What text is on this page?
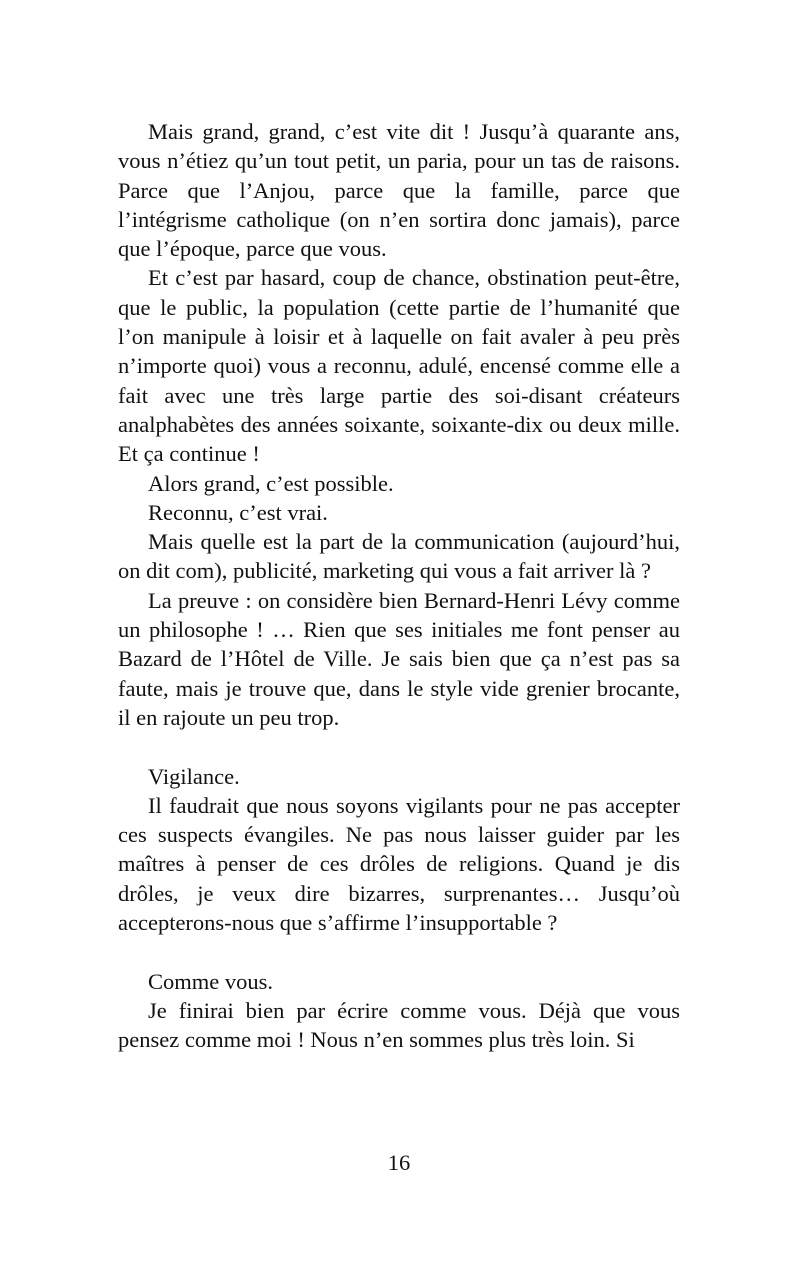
Mais grand, grand, c’est vite dit ! Jusqu’à quarante ans, vous n’étiez qu’un tout petit, un paria, pour un tas de raisons. Parce que l’Anjou, parce que la famille, parce que l’intégrisme catholique (on n’en sortira donc jamais), parce que l’époque, parce que vous.

Et c’est par hasard, coup de chance, obstination peut-être, que le public, la population (cette partie de l’humanité que l’on manipule à loisir et à laquelle on fait avaler à peu près n’importe quoi) vous a reconnu, adulé, encensé comme elle a fait avec une très large partie des soi-disant créateurs analphabètes des années soixante, soixante-dix ou deux mille. Et ça continue !

Alors grand, c’est possible.

Reconnu, c’est vrai.

Mais quelle est la part de la communication (aujourd’hui, on dit com), publicité, marketing qui vous a fait arriver là ?

La preuve : on considère bien Bernard-Henri Lévy comme un philosophe ! … Rien que ses initiales me font penser au Bazard de l’Hôtel de Ville. Je sais bien que ça n’est pas sa faute, mais je trouve que, dans le style vide grenier brocante, il en rajoute un peu trop.

Vigilance.

Il faudrait que nous soyons vigilants pour ne pas accepter ces suspects évangiles. Ne pas nous laisser guider par les maîtres à penser de ces drôles de religions. Quand je dis drôles, je veux dire bizarres, surprenantes… Jusqu’où accepterons-nous que s’affirme l’insupportable ?

Comme vous.

Je finirai bien par écrire comme vous. Déjà que vous pensez comme moi ! Nous n’en sommes plus très loin. Si

16
